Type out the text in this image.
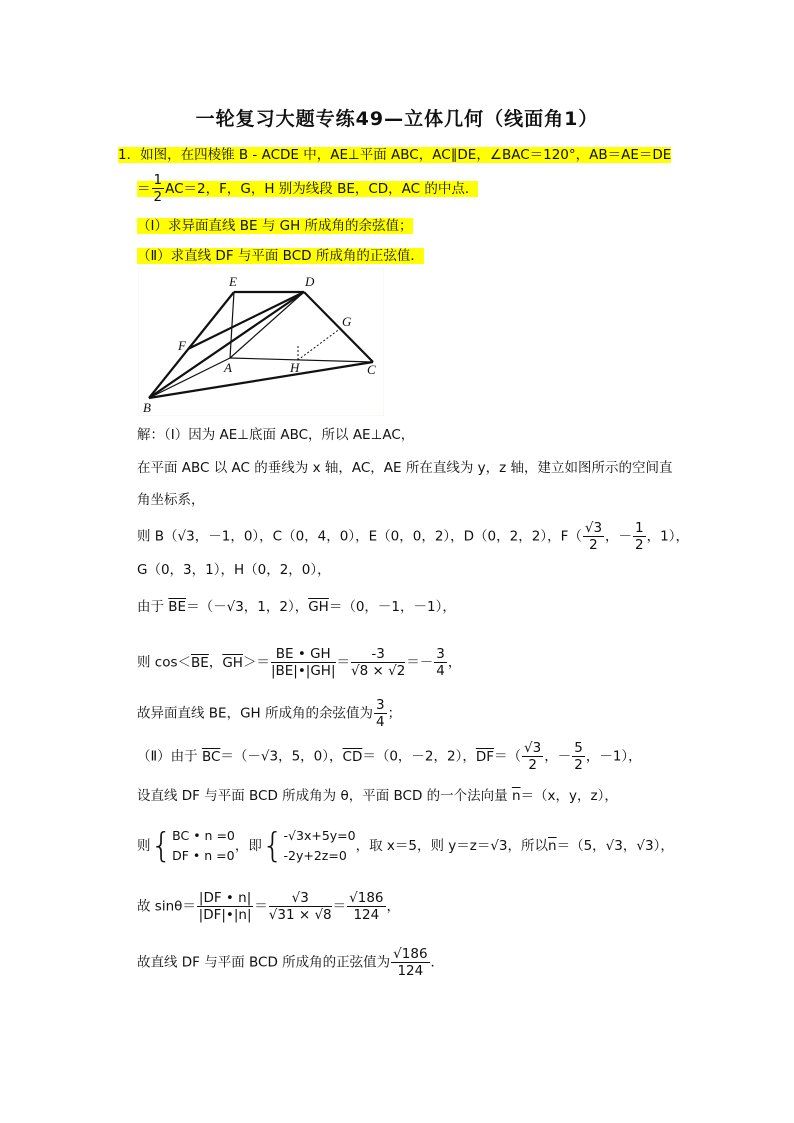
一轮复习大题专练49—立体几何（线面角1）
1．如图，在四棱锥 B - ACDE 中，AE⊥平面 ABC，AC∥DE，∠BAC＝120°，AB＝AE＝DE
＝ $\frac{1}{2} AC=2$，F，G，H 别为线段 BE，CD，AC 的中点．
（Ⅰ）求异面直线 BE 与 GH 所成角的余弦值；
（Ⅱ）求直线 DF 与平面 BCD 所成角的正弦值．
E	D
G
F
A	H	C
B
解：（Ⅰ）因为 AE⊥底面 ABC，所以 AE⊥AC，
在平面 ABC 以 AC 的垂线为 x 轴，AC，AE 所在直线为 y，z 轴，建立如图所示的空间直
角坐标系，
则 B（√3，－1，0），C（0，4，0），E（0，0，2），D（0，2，2），$F( \frac{√3}{2}$ ，－ $\frac{1}{2}$ ，1），
G（0，3，1），H（0，2，0），
由于 $\overline{BE}=(-√3$，1，2），$\overline{GH}=(0$，－1，－1），
则 $\cos<\overline{BE}$，$\overline{GH}>= \frac{BE • GH}{|BE|•|GH|} = \frac{-3}{√8 \times √2} =- \frac{3}{4}$ ，
故异面直线 BE，GH 所成角的余弦值为 $\frac{3}{4}$ ；
（Ⅱ）由于 $\overline{BC}=(-√3$，5，0），$\overline{CD}=(0$，－2，2），$\overline{DF}=( \frac{√3}{2}$ ，－ $\frac{5}{2}$ ，－1），
设直线 DF 与平面 BCD 所成角为 θ，平面 BCD 的一个法向量 $\overline{n}=(x$，y，z），
则 { BC • n =0
DF • n =0
，即 { -√3x+5y=0
-2y+2z=0
，取 x＝5，则 y＝z＝√3，所以 $\overline{n} =(5$，√3，√3），
故 $\sin\theta= \frac{|DF • n|}{|DF|•|n|} = \frac{√3}{√31 \times √8} = \frac{√186}{124}$ ，
故直线 DF 与平面 BCD 所成角的正弦值为 $\frac{√186}{124}$ ．
